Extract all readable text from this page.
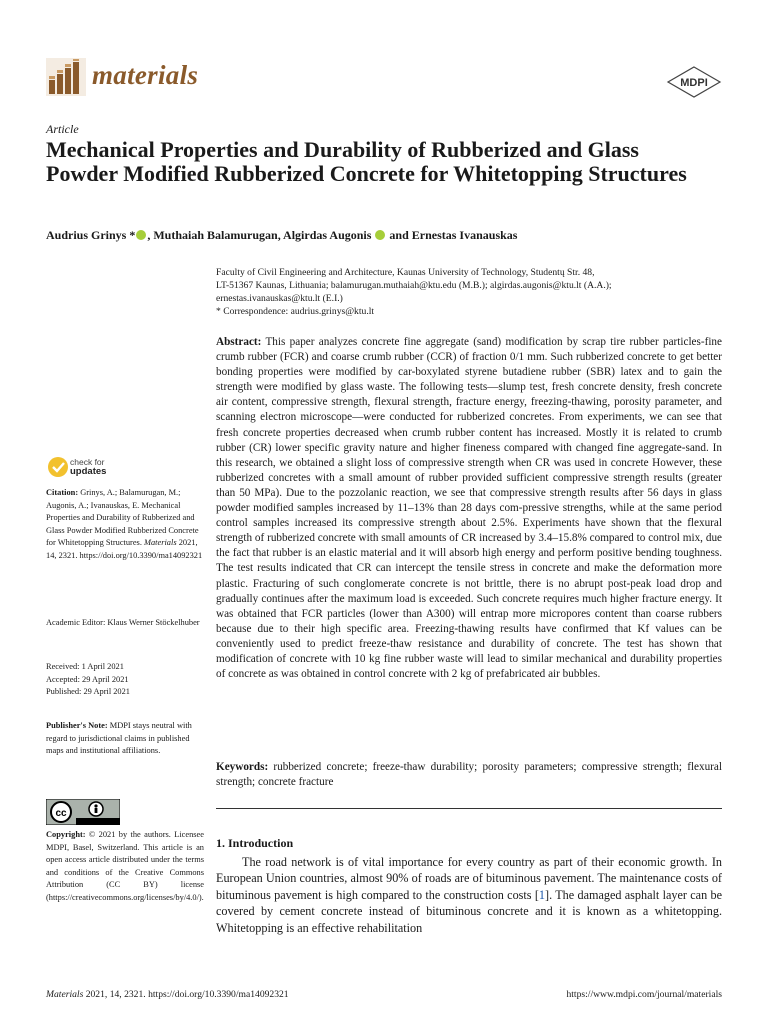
materials	MDPI
Article
Mechanical Properties and Durability of Rubberized and Glass Powder Modified Rubberized Concrete for Whitetopping Structures
Audrius Grinys * , Muthaiah Balamurugan, Algirdas Augonis  and Ernestas Ivanauskas

Faculty of Civil Engineering and Architecture, Kaunas University of Technology, Studentų Str. 48,

LT-51367 Kaunas, Lithuania; balamurugan.muthaiah@ktu.edu (M.B.); algirdas.augonis@ktu.lt (A.A.);

ernestas.ivanauskas@ktu.lt (E.I.)

* Correspondence: audrius.grinys@ktu.lt

Abstract: This paper analyzes concrete fine aggregate (sand) modification by scrap tire rubber particles-fine crumb rubber (FCR) and coarse crumb rubber (CCR) of fraction 0/1 mm. Such rubberized concrete to get better bonding properties were modified by car-boxylated styrene butadiene rubber (SBR) latex and to gain the strength were modified by glass waste. The following tests—slump test, fresh concrete density, fresh concrete air content, compressive strength, flexural strength, fracture energy, freezing-thawing, porosity parameter, and scanning electron microscope—were conducted for rubberized concretes. From experiments, we can see that fresh concrete properties decreased when crumb rubber content has increased. Mostly it is related to crumb rubber (CR) lower specific gravity nature and higher fineness compared with changed fine aggregate-sand. In this research, we obtained a slight loss of compressive strength when CR was used in concrete However, these rubberized concretes with a small amount of rubber provided sufficient compressive strength results (greater than 50 MPa). Due to the pozzolanic reaction, we see that compressive strength results after 56 days in glass powder modified samples increased by 11–13% than 28 days com-pressive strengths, while at the same period control samples increased its compressive strength about 2.5%. Experiments have shown that the flexural strength of rubberized concrete with small amounts of CR increased by 3.4–15.8% compared to control mix, due the fact that rubber is an elastic material and it will absorb high energy and perform positive bending toughness. The test results indicated that CR can intercept the tensile stress in concrete and make the deformation more plastic. Fracturing of such conglomerate concrete is not brittle, there is no abrupt post-peak load drop and gradually continues after the maximum load is exceeded. Such concrete requires much higher fracture energy. It was obtained that FCR particles (lower than A300) will entrap more micropores content than coarse rubbers because due to their high specific area. Freezing-thawing results have confirmed that Kf values can be conveniently used to predict freeze-thaw resistance and durability of concrete. The test has shown that modification of concrete with 10 kg fine rubber waste will lead to similar mechanical and durability properties of concrete as was obtained in control concrete with 2 kg of prefabricated air bubbles.
Keywords: rubberized concrete; freeze-thaw durability; porosity parameters; compressive strength; flexural strength; concrete fracture
1. Introduction
The road network is of vital importance for every country as part of their economic growth. In European Union countries, almost 90% of roads are of bituminous pavement. The maintenance costs of bituminous pavement is high compared to the construction costs [1]. The damaged asphalt layer can be covered by cement concrete instead of bituminous concrete and it is known as a whitetopping. Whitetopping is an effective rehabilitation
check for
updates
Citation: Grinys, A.; Balamurugan, M.; Augonis, A.; Ivanauskas, E. Mechanical Properties and Durability of Rubberized and Glass Powder Modified Rubberized Concrete for Whitetopping Structures. Materials 2021, 14, 2321. https://doi.org/10.3390/ma14092321
Academic Editor: Klaus Werner Stöckelhuber

Received: 1 April 2021

Accepted: 29 April 2021

Published: 29 April 2021

Publisher's Note: MDPI stays neutral with regard to jurisdictional claims in published maps and institutional affiliations.
cc
Copyright: © 2021 by the authors. Licensee MDPI, Basel, Switzerland. This article is an open access article distributed under the terms and conditions of the Creative Commons Attribution (CC BY) license (https://creativecommons.org/licenses/by/4.0/).
Materials 2021, 14, 2321. https://doi.org/10.3390/ma14092321	https://www.mdpi.com/journal/materials
